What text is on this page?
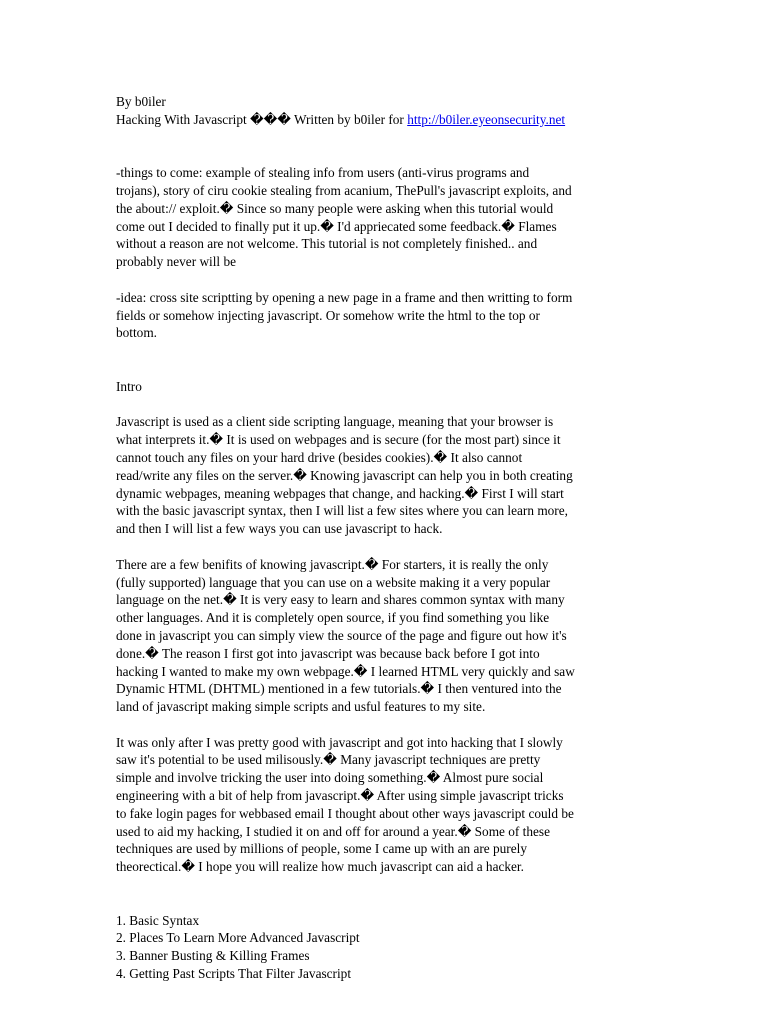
By b0iler
Hacking With Javascript ��� Written by b0iler for http://b0iler.eyeonsecurity.net
-things to come: example of stealing info from users (anti-virus programs and
trojans), story of ciru cookie stealing from acanium, ThePull's javascript exploits, and
the about:// exploit.� Since so many people were asking when this tutorial would
come out I decided to finally put it up.� I'd appriecated some feedback.� Flames
without a reason are not welcome. This tutorial is not completely finished.. and
probably never will be
-idea: cross site scriptting by opening a new page in a frame and then writting to form
fields or somehow injecting javascript. Or somehow write the html to the top or
bottom.
Intro
Javascript is used as a client side scripting language, meaning that your browser is
what interprets it.� It is used on webpages and is secure (for the most part) since it
cannot touch any files on your hard drive (besides cookies).� It also cannot
read/write any files on the server.� Knowing javascript can help you in both creating
dynamic webpages, meaning webpages that change, and hacking.� First I will start
with the basic javascript syntax, then I will list a few sites where you can learn more,
and then I will list a few ways you can use javascript to hack.
There are a few benifits of knowing javascript.� For starters, it is really the only
(fully supported) language that you can use on a website making it a very popular
language on the net.� It is very easy to learn and shares common syntax with many
other languages. And it is completely open source, if you find something you like
done in javascript you can simply view the source of the page and figure out how it's
done.� The reason I first got into javascript was because back before I got into
hacking I wanted to make my own webpage.� I learned HTML very quickly and saw
Dynamic HTML (DHTML) mentioned in a few tutorials.� I then ventured into the
land of javascript making simple scripts and usful features to my site.
It was only after I was pretty good with javascript and got into hacking that I slowly
saw it's potential to be used milisously.� Many javascript techniques are pretty
simple and involve tricking the user into doing something.� Almost pure social
engineering with a bit of help from javascript.� After using simple javascript tricks
to fake login pages for webbased email I thought about other ways javascript could be
used to aid my hacking, I studied it on and off for around a year.� Some of these
techniques are used by millions of people, some I came up with an are purely
theorectical.� I hope you will realize how much javascript can aid a hacker.
1. Basic Syntax
2. Places To Learn More Advanced Javascript
3. Banner Busting & Killing Frames
4. Getting Past Scripts That Filter Javascript
